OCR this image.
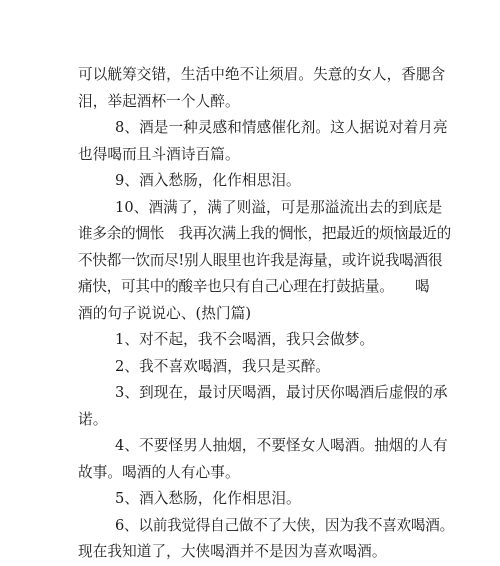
可以觥筹交错，生活中绝不让须眉。失意的女人，香腮含
泪，举起酒杯一个人醉。
8、酒是一种灵感和情感催化剂。这人据说对着月亮
也得喝而且斗酒诗百篇。
9、酒入愁肠，化作相思泪。
10、酒满了，满了则溢，可是那溢流出去的到底是
谁多余的惆怅　我再次满上我的惆怅，把最近的烦恼最近的
不快都一饮而尽!别人眼里也许我是海量，或许说我喝酒很
痛快，可其中的酸辛也只有自己心理在打鼓掂量。　　喝
酒的句子说说心、(热门篇)
1、对不起，我不会喝酒，我只会做梦。
2、我不喜欢喝酒，我只是买醉。
3、到现在，最讨厌喝酒，最讨厌你喝酒后虚假的承
诺。
4、不要怪男人抽烟，不要怪女人喝酒。抽烟的人有
故事。喝酒的人有心事。
5、酒入愁肠，化作相思泪。
6、以前我觉得自己做不了大侠，因为我不喜欢喝酒。
现在我知道了，大侠喝酒并不是因为喜欢喝酒。
